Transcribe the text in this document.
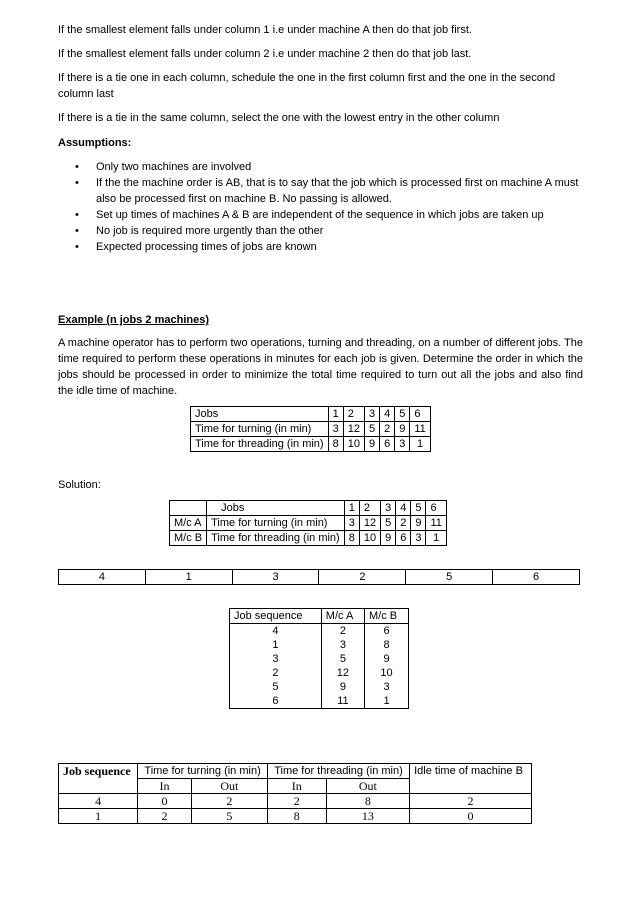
If the smallest element falls under column 1 i.e under machine A then do that job first.

If the smallest element falls under column 2 i.e under machine 2 then do that job last.

If there is a tie one in each column, schedule the one in the first column first and the one in the second column last

If there is a tie in the same column, select the one with the lowest entry in the other column

Assumptions:

• Only two machines are involved
• If the the machine order is AB, that is to say that the job which is processed first on machine A must also be processed first on machine B. No passing is allowed.
• Set up times of machines A & B are independent of the sequence in which jobs are taken up
• No job is required more urgently than the other
• Expected processing times of jobs are known

Example (n jobs 2 machines)

A machine operator has to perform two operations, turning and threading, on a number of different jobs. The time required to perform these operations in minutes for each job is given. Determine the order in which the jobs should be processed in order to minimize the total time required to turn out all the jobs and also find the idle time of machine.

Jobs	1	2	3	4	5	6
Time for turning (in min)	3	12	5	2	9	11
Time for threading (in min)	8	10	9	6	3	1

Solution:

	Jobs	1	2	3	4	5	6
M/c A	Time for turning (in min)	3	12	5	2	9	11
M/c B	Time for threading (in min)	8	10	9	6	3	1
4	1	3	2	5	6
Job sequence	M/c A	M/c B
4	2	6
1	3	8
3	5	9
2	12	10
5	9	3
6	11	1
Job sequence	Time for turning (in min)		Time for threading (in min)		Idle time of machine B
	In	Out	In	Out	
4	0	2	2	8	2
1	2	5	8	13	0
